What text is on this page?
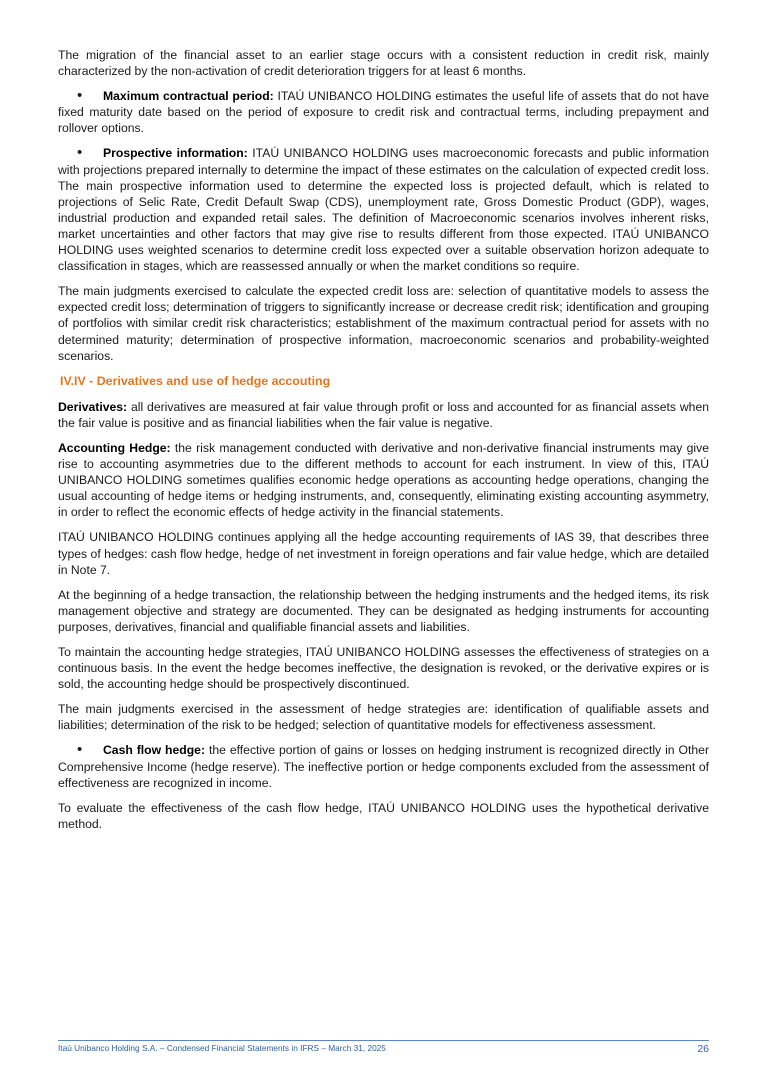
The migration of the financial asset to an earlier stage occurs with a consistent reduction in credit risk, mainly characterized by the non-activation of credit deterioration triggers for at least 6 months.

• Maximum contractual period: ITAÚ UNIBANCO HOLDING estimates the useful life of assets that do not have fixed maturity date based on the period of exposure to credit risk and contractual terms, including prepayment and rollover options.

• Prospective information: ITAÚ UNIBANCO HOLDING uses macroeconomic forecasts and public information with projections prepared internally to determine the impact of these estimates on the calculation of expected credit loss. The main prospective information used to determine the expected loss is projected default, which is related to projections of Selic Rate, Credit Default Swap (CDS), unemployment rate, Gross Domestic Product (GDP), wages, industrial production and expanded retail sales. The definition of Macroeconomic scenarios involves inherent risks, market uncertainties and other factors that may give rise to results different from those expected. ITAÚ UNIBANCO HOLDING uses weighted scenarios to determine credit loss expected over a suitable observation horizon adequate to classification in stages, which are reassessed annually or when the market conditions so require.

The main judgments exercised to calculate the expected credit loss are: selection of quantitative models to assess the expected credit loss; determination of triggers to significantly increase or decrease credit risk; identification and grouping of portfolios with similar credit risk characteristics; establishment of the maximum contractual period for assets with no determined maturity; determination of prospective information, macroeconomic scenarios and probability-weighted scenarios.

IV.IV - Derivatives and use of hedge accouting

Derivatives: all derivatives are measured at fair value through profit or loss and accounted for as financial assets when the fair value is positive and as financial liabilities when the fair value is negative.

Accounting Hedge: the risk management conducted with derivative and non-derivative financial instruments may give rise to accounting asymmetries due to the different methods to account for each instrument. In view of this, ITAÚ UNIBANCO HOLDING sometimes qualifies economic hedge operations as accounting hedge operations, changing the usual accounting of hedge items or hedging instruments, and, consequently, eliminating existing accounting asymmetry, in order to reflect the economic effects of hedge activity in the financial statements.

ITAÚ UNIBANCO HOLDING continues applying all the hedge accounting requirements of IAS 39, that describes three types of hedges: cash flow hedge, hedge of net investment in foreign operations and fair value hedge, which are detailed in Note 7.

At the beginning of a hedge transaction, the relationship between the hedging instruments and the hedged items, its risk management objective and strategy are documented. They can be designated as hedging instruments for accounting purposes, derivatives, financial and qualifiable financial assets and liabilities.

To maintain the accounting hedge strategies, ITAÚ UNIBANCO HOLDING assesses the effectiveness of strategies on a continuous basis. In the event the hedge becomes ineffective, the designation is revoked, or the derivative expires or is sold, the accounting hedge should be prospectively discontinued.

The main judgments exercised in the assessment of hedge strategies are: identification of qualifiable assets and liabilities; determination of the risk to be hedged; selection of quantitative models for effectiveness assessment.

• Cash flow hedge: the effective portion of gains or losses on hedging instrument is recognized directly in Other Comprehensive Income (hedge reserve). The ineffective portion or hedge components excluded from the assessment of effectiveness are recognized in income.

To evaluate the effectiveness of the cash flow hedge, ITAÚ UNIBANCO HOLDING uses the hypothetical derivative method.

Itaú Unibanco Holding S.A. – Condensed Financial Statements in IFRS – March 31, 2025	26
